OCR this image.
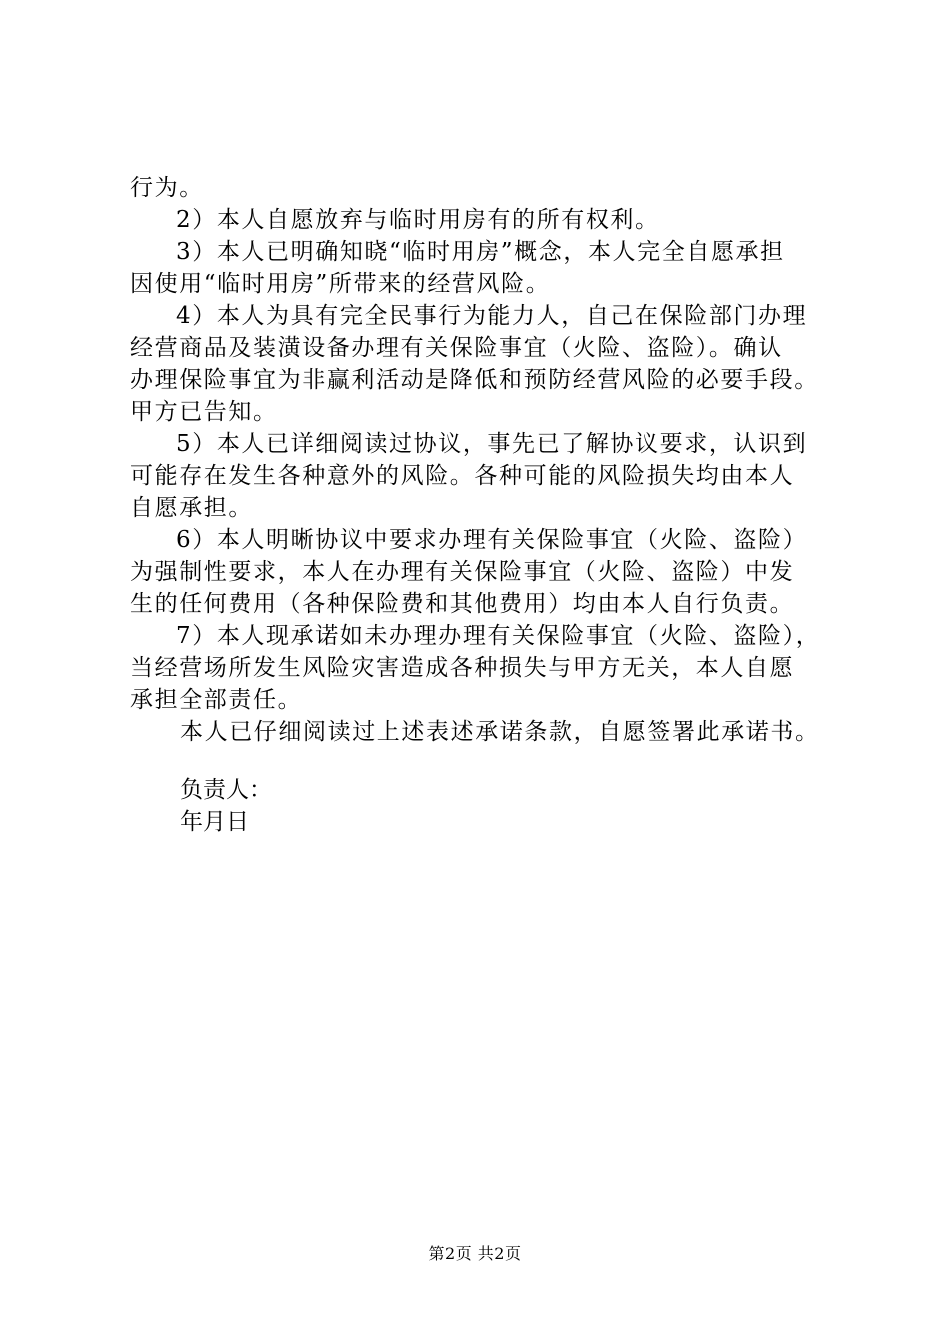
行为。

2）本人自愿放弃与临时用房有的所有权利。

3）本人已明确知晓“临时用房”概念，本人完全自愿承担

因使用“临时用房”所带来的经营风险。

4）本人为具有完全民事行为能力人，自己在保险部门办理

经营商品及装潢设备办理有关保险事宜（火险、盗险）。确认

办理保险事宜为非赢利活动是降低和预防经营风险的必要手段。

甲方已告知。

5）本人已详细阅读过协议，事先已了解协议要求，认识到

可能存在发生各种意外的风险。各种可能的风险损失均由本人

自愿承担。

6）本人明晰协议中要求办理有关保险事宜（火险、盗险）

为强制性要求，本人在办理有关保险事宜（火险、盗险）中发

生的任何费用（各种保险费和其他费用）均由本人自行负责。

7）本人现承诺如未办理办理有关保险事宜（火险、盗险），

当经营场所发生风险灾害造成各种损失与甲方无关，本人自愿

承担全部责任。

本人已仔细阅读过上述表述承诺条款，自愿签署此承诺书。

负责人：

年月日

第2页 共2页
